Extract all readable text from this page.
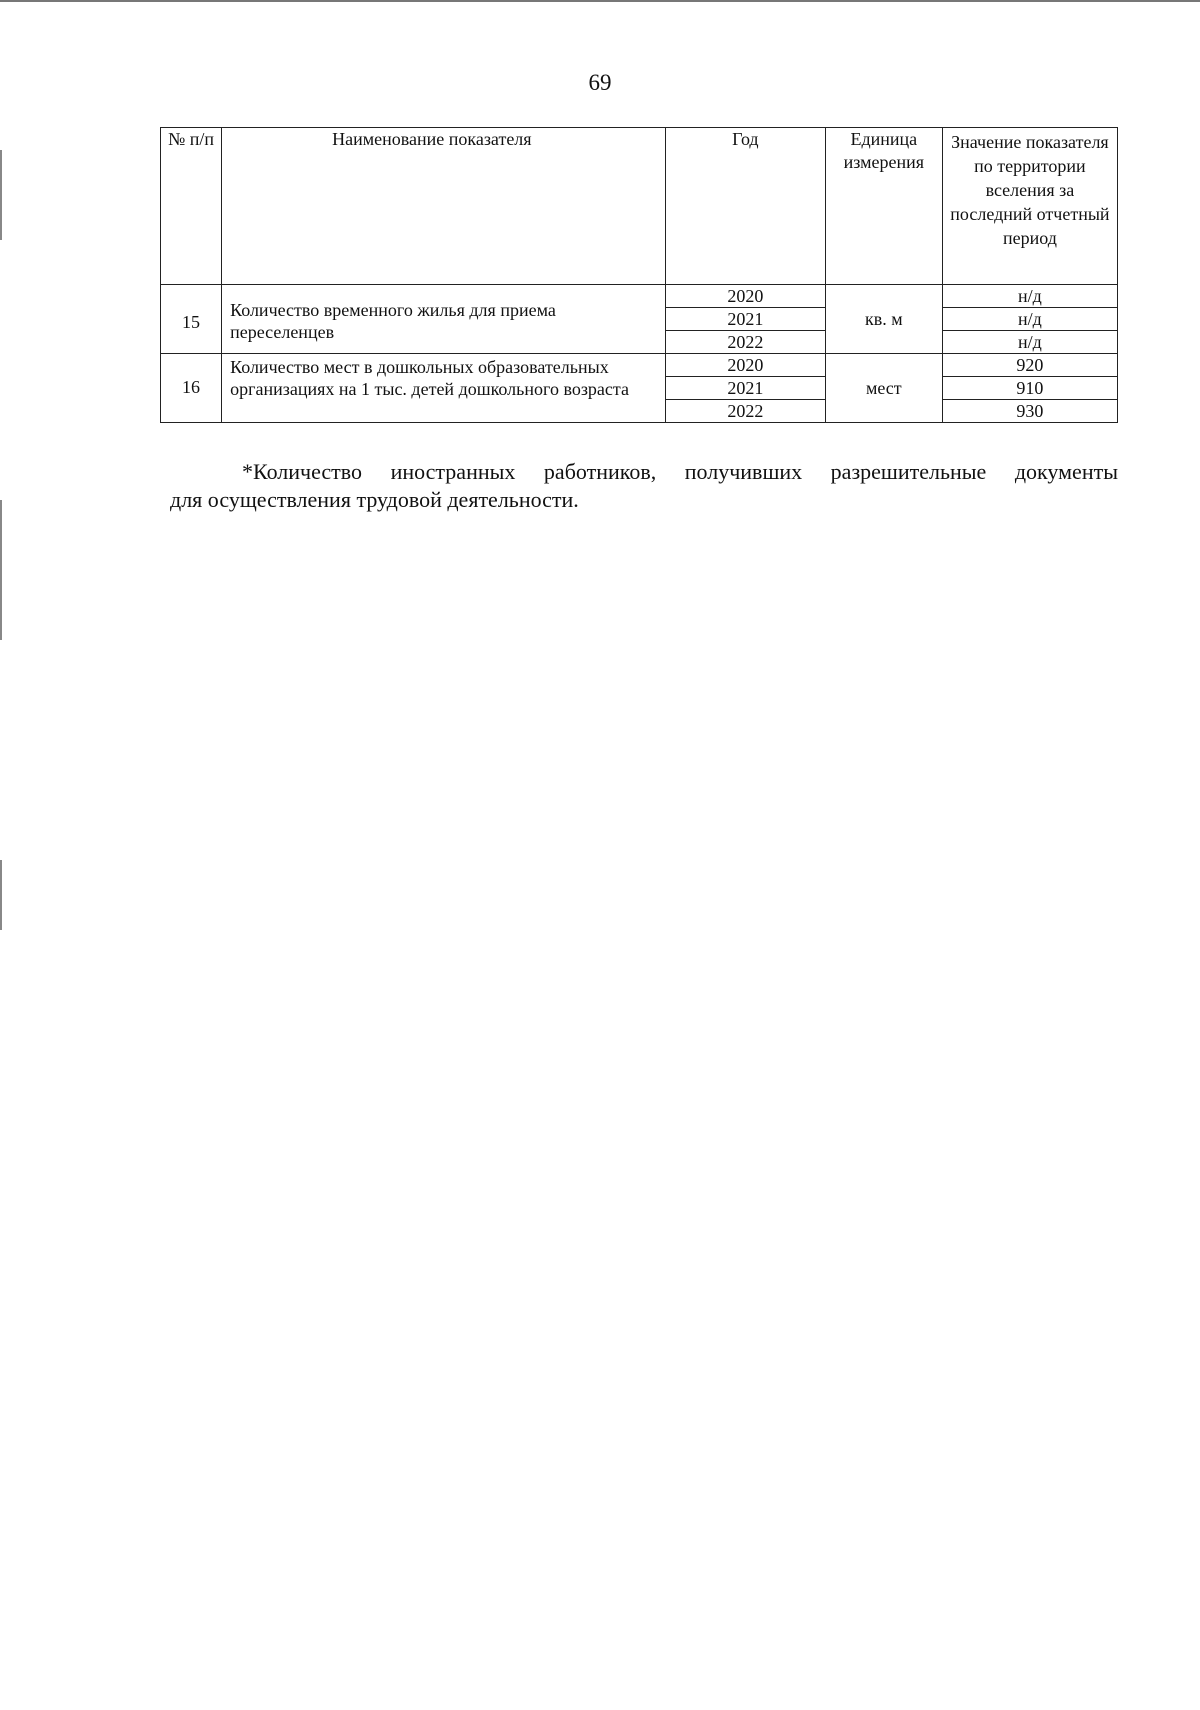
69
№ п/п	Наименование показателя	Год	Единица измерения	Значение показателя по территории вселения за последний отчетный период
15	Количество временного жилья для приема переселенцев	2020	кв. м	н/д
		2021		н/д
		2022		н/д
16	Количество мест в дошкольных образовательных организациях на 1 тыс. детей дошкольного возраста	2020	мест	920
		2021		910
		2022		930
*Количество иностранных работников, получивших разрешительные документы
для осуществления трудовой деятельности.
